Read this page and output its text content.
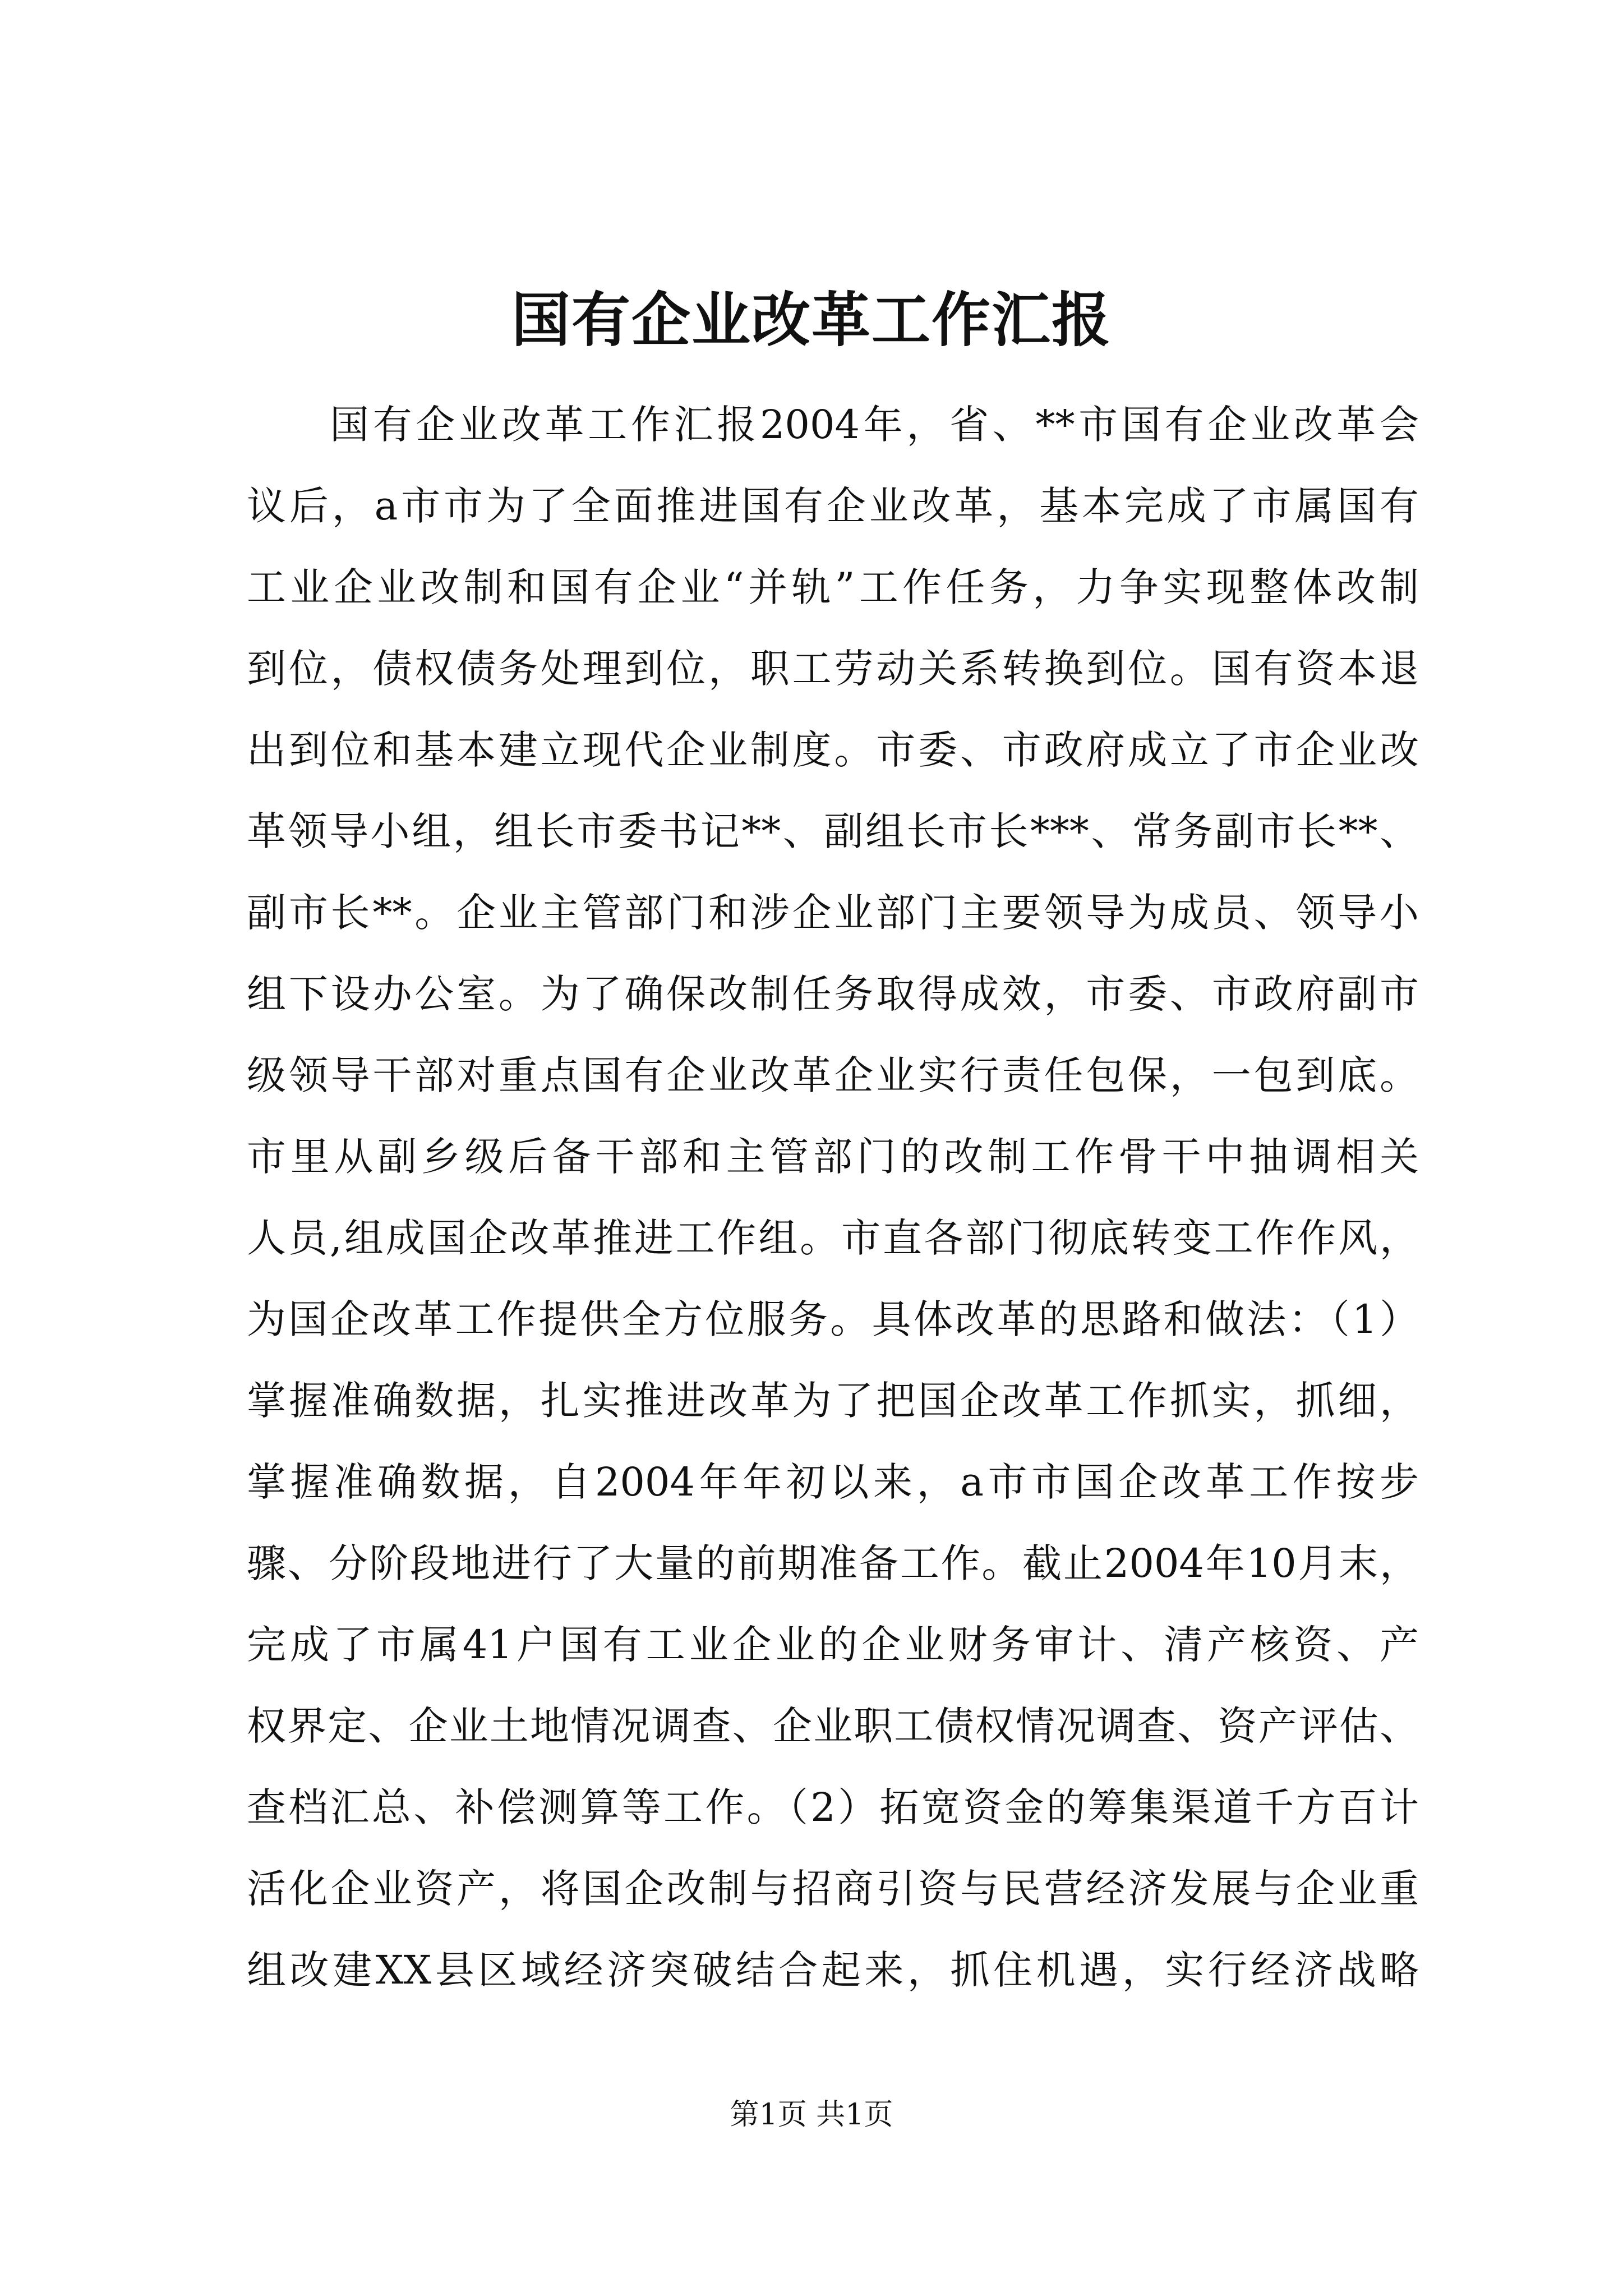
国有企业改革工作汇报
国有企业改革工作汇报2004年，省、**市国有企业改革会
议后，a市市为了全面推进国有企业改革，基本完成了市属国有
工业企业改制和国有企业“并轨”工作任务，力争实现整体改制
到位，债权债务处理到位，职工劳动关系转换到位。国有资本退
出到位和基本建立现代企业制度。市委、市政府成立了市企业改
革领导小组，组长市委书记**、副组长市长***、常务副市长**、
副市长**。企业主管部门和涉企业部门主要领导为成员、领导小
组下设办公室。为了确保改制任务取得成效，市委、市政府副市
级领导干部对重点国有企业改革企业实行责任包保，一包到底。
市里从副乡级后备干部和主管部门的改制工作骨干中抽调相关
人员,组成国企改革推进工作组。市直各部门彻底转变工作作风，
为国企改革工作提供全方位服务。具体改革的思路和做法：（1）
掌握准确数据，扎实推进改革为了把国企改革工作抓实，抓细，
掌握准确数据，自2004年年初以来，a市市国企改革工作按步
骤、分阶段地进行了大量的前期准备工作。截止2004年10月末，
完成了市属41户国有工业企业的企业财务审计、清产核资、产
权界定、企业土地情况调查、企业职工债权情况调查、资产评估、
查档汇总、补偿测算等工作。（2）拓宽资金的筹集渠道千方百计
活化企业资产，将国企改制与招商引资与民营经济发展与企业重
组改建XX县区域经济突破结合起来，抓住机遇，实行经济战略

第1页 共1页
